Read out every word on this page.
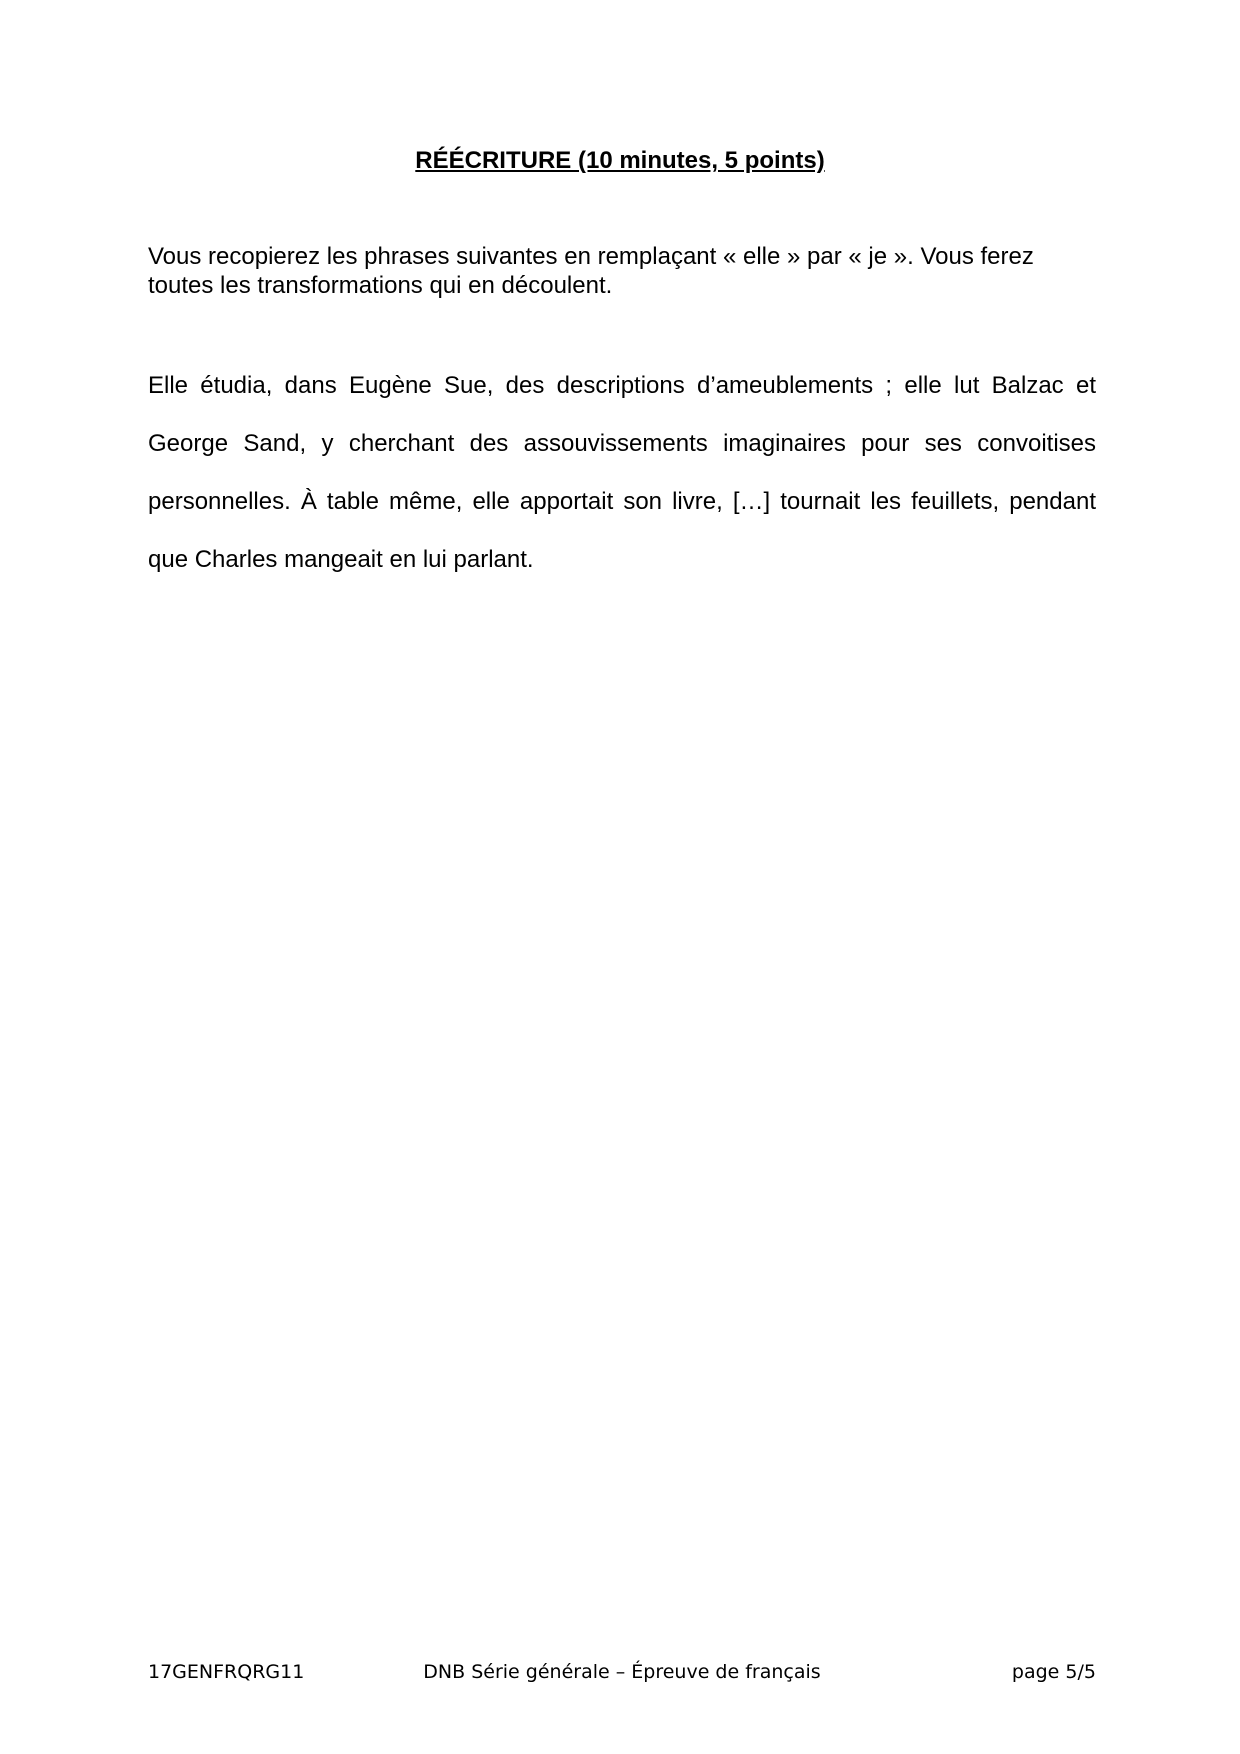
RÉÉCRITURE (10 minutes, 5 points)

Vous recopierez les phrases suivantes en remplaçant « elle » par « je ». Vous ferez toutes les transformations qui en découlent.

Elle étudia, dans Eugène Sue, des descriptions d’ameublements ; elle lut Balzac et George Sand, y cherchant des assouvissements imaginaires pour ses convoitises personnelles. À table même, elle apportait son livre, […] tournait les feuillets, pendant que Charles mangeait en lui parlant.

17GENFRQRG11	DNB Série générale – Épreuve de français	page 5/5
